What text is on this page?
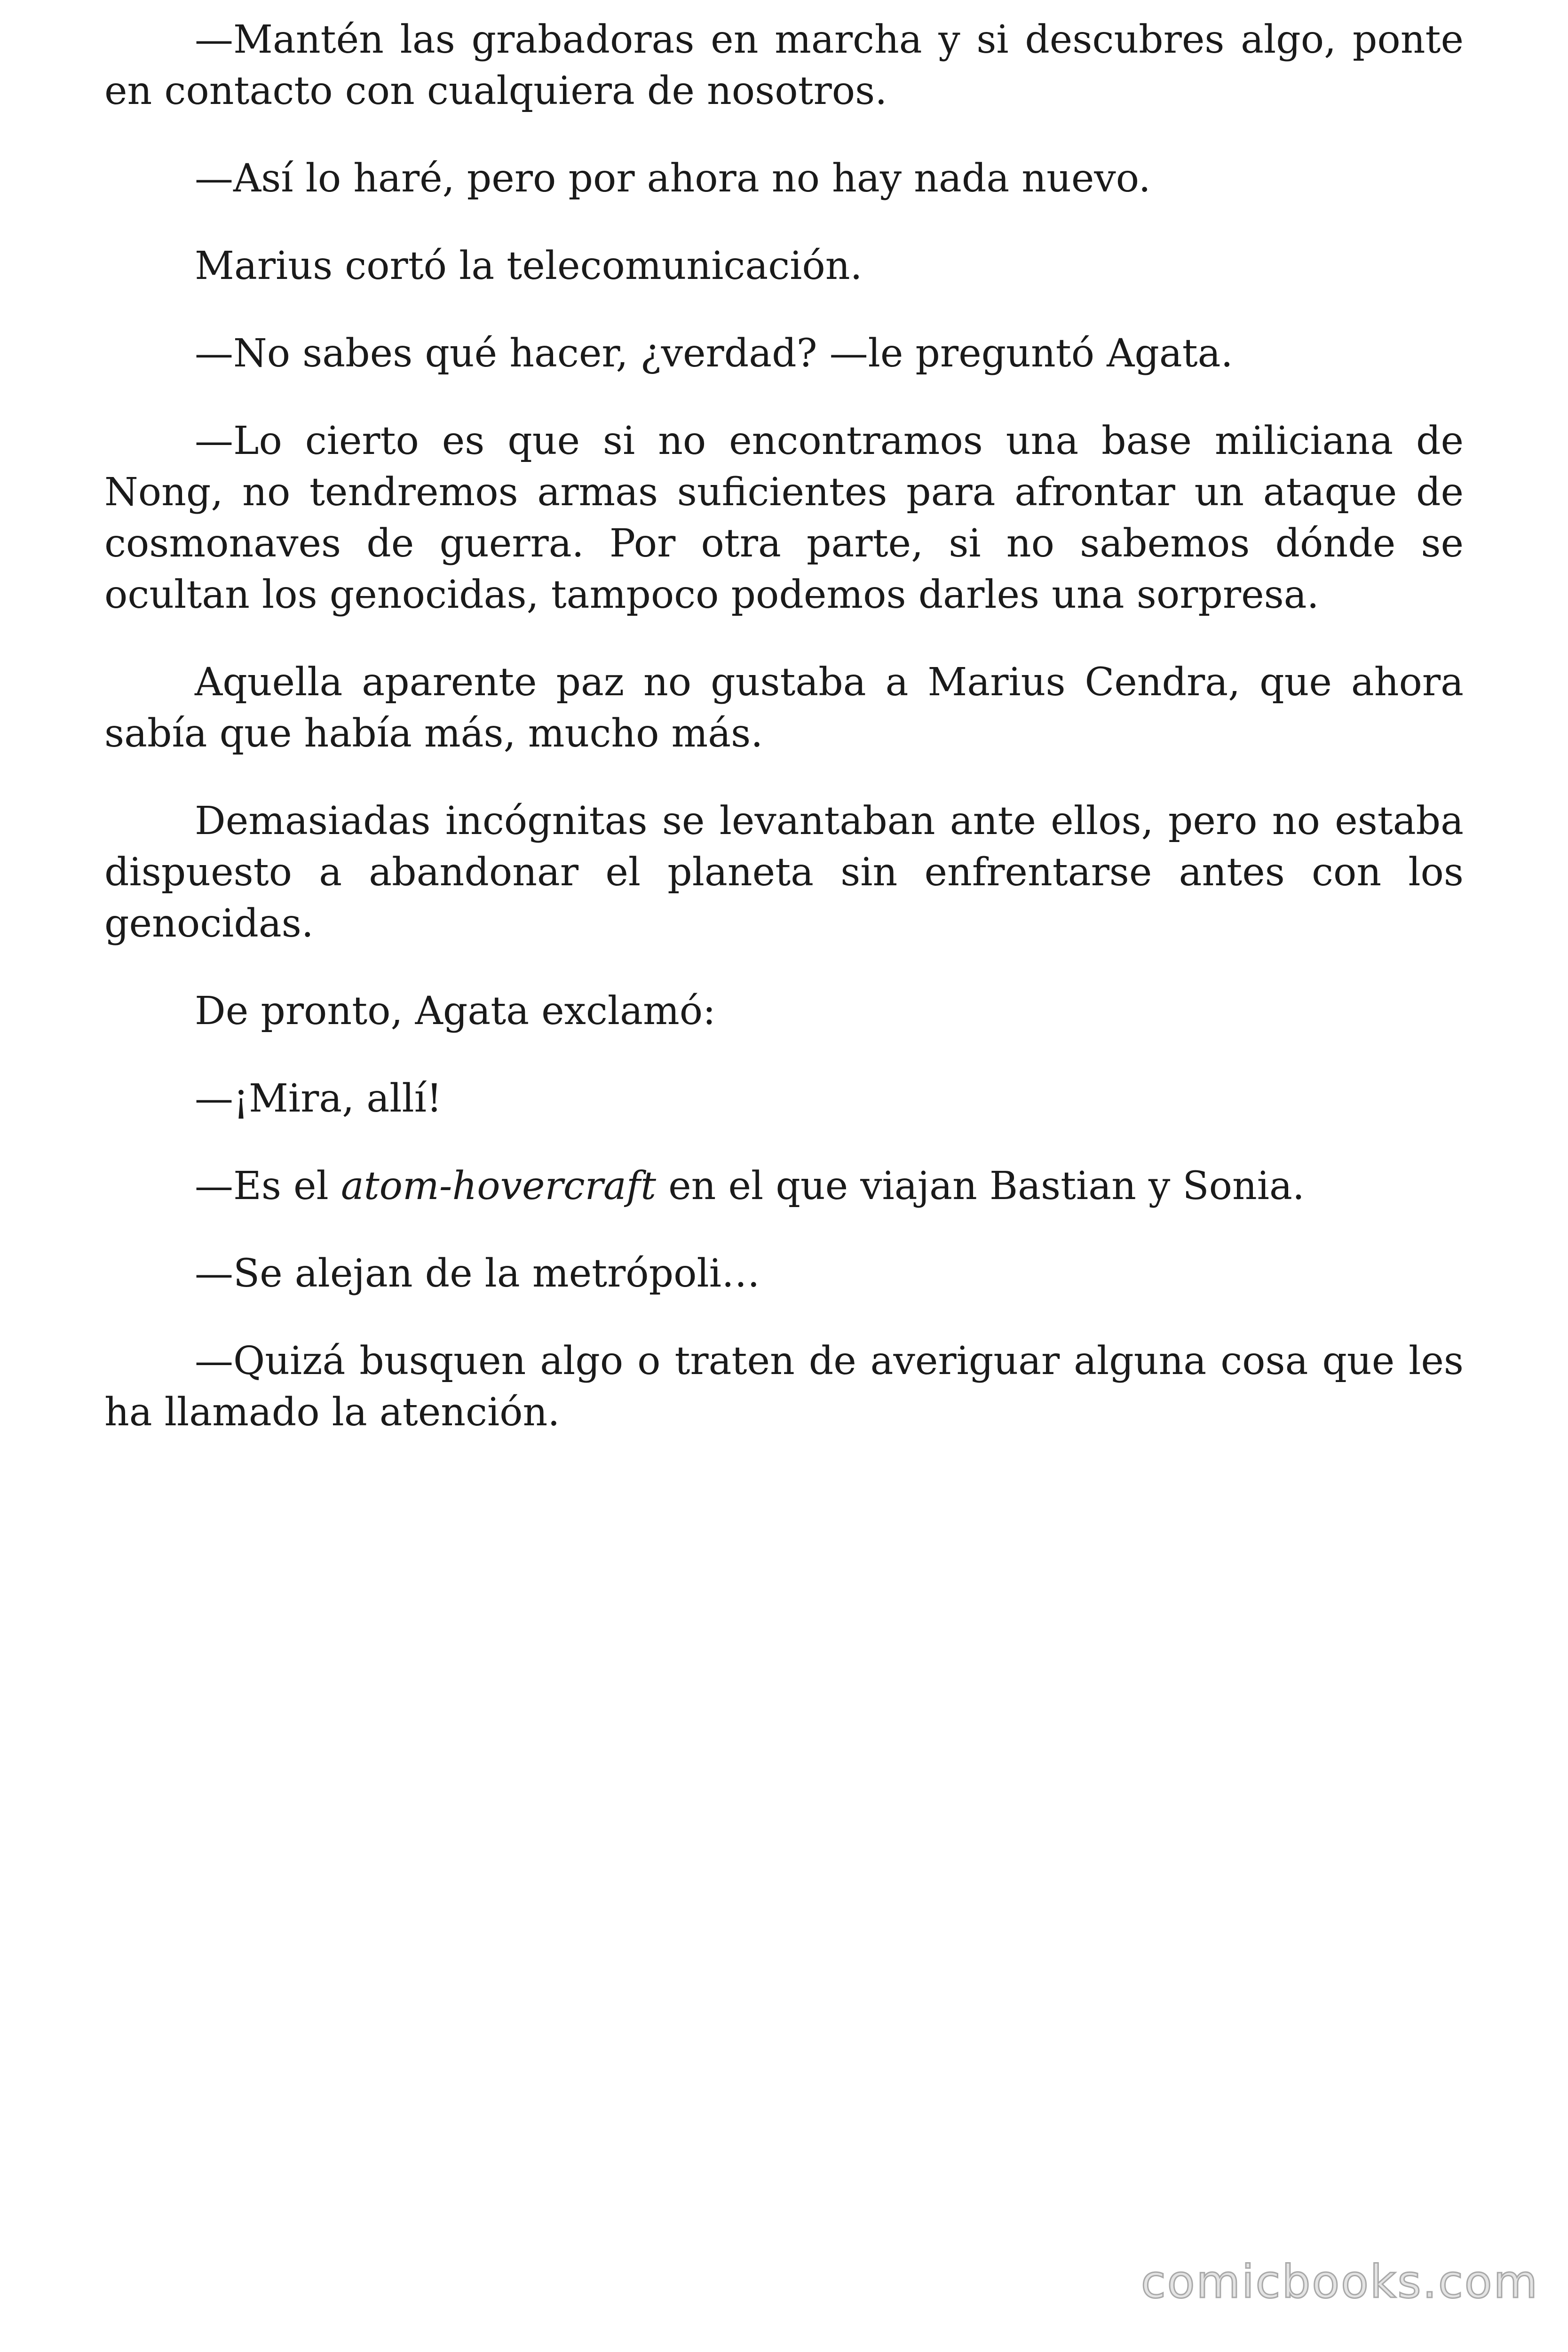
—Mantén las grabadoras en marcha y si descubres algo, ponte en contacto con cualquiera de nosotros.

—Así lo haré, pero por ahora no hay nada nuevo.

Marius cortó la telecomunicación.

—No sabes qué hacer, ¿verdad? —le preguntó Agata.

—Lo cierto es que si no encontramos una base miliciana de Nong, no tendremos armas suficientes para afrontar un ataque de cosmonaves de guerra. Por otra parte, si no sabemos dónde se ocultan los genocidas, tampoco podemos darles una sorpresa.

Aquella aparente paz no gustaba a Marius Cendra, que ahora sabía que había más, mucho más.

Demasiadas incógnitas se levantaban ante ellos, pero no estaba dispuesto a abandonar el planeta sin enfrentarse antes con los genocidas.

De pronto, Agata exclamó:

—¡Mira, allí!

—Es el atom-hovercraft en el que viajan Bastian y Sonia.

—Se alejan de la metrópoli…

—Quizá busquen algo o traten de averiguar alguna cosa que les ha llamado la atención.

comicbooks.com
